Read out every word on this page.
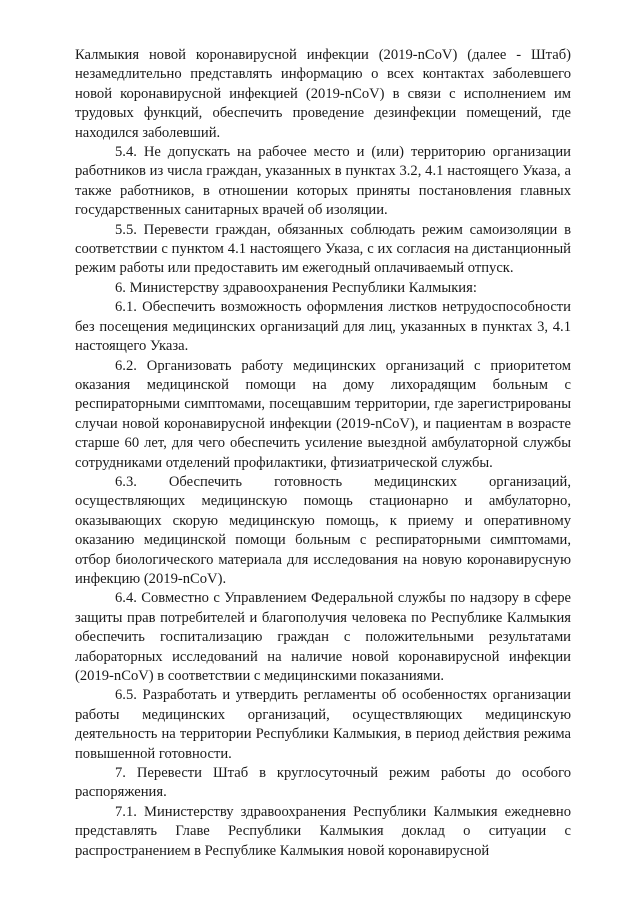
Калмыкия новой коронавирусной инфекции (2019-nCoV) (далее - Штаб) незамедлительно представлять информацию о всех контактах заболевшего новой коронавирусной инфекцией (2019-nCoV) в связи с исполнением им трудовых функций, обеспечить проведение дезинфекции помещений, где находился заболевший.

5.4. Не допускать на рабочее место и (или) территорию организации работников из числа граждан, указанных в пунктах 3.2, 4.1 настоящего Указа, а также работников, в отношении которых приняты постановления главных государственных санитарных врачей об изоляции.

5.5. Перевести граждан, обязанных соблюдать режим самоизоляции в соответствии с пунктом 4.1 настоящего Указа, с их согласия на дистанционный режим работы или предоставить им ежегодный оплачиваемый отпуск.

6. Министерству здравоохранения Республики Калмыкия:

6.1. Обеспечить возможность оформления листков нетрудоспособности без посещения медицинских организаций для лиц, указанных в пунктах 3, 4.1 настоящего Указа.

6.2. Организовать работу медицинских организаций с приоритетом оказания медицинской помощи на дому лихорадящим больным с респираторными симптомами, посещавшим территории, где зарегистрированы случаи новой коронавирусной инфекции (2019-nCoV), и пациентам в возрасте старше 60 лет, для чего обеспечить усиление выездной амбулаторной службы сотрудниками отделений профилактики, фтизиатрической службы.

6.3. Обеспечить готовность медицинских организаций, осуществляющих медицинскую помощь стационарно и амбулаторно, оказывающих скорую медицинскую помощь, к приему и оперативному оказанию медицинской помощи больным с респираторными симптомами, отбор биологического материала для исследования на новую коронавирусную инфекцию (2019-nCoV).

6.4. Совместно с Управлением Федеральной службы по надзору в сфере защиты прав потребителей и благополучия человека по Республике Калмыкия обеспечить госпитализацию граждан с положительными результатами лабораторных исследований на наличие новой коронавирусной инфекции (2019-nCoV) в соответствии с медицинскими показаниями.

6.5. Разработать и утвердить регламенты об особенностях организации работы медицинских организаций, осуществляющих медицинскую деятельность на территории Республики Калмыкия, в период действия режима повышенной готовности.

7. Перевести Штаб в круглосуточный режим работы до особого распоряжения.

7.1. Министерству здравоохранения Республики Калмыкия ежедневно представлять Главе Республики Калмыкия доклад о ситуации с распространением в Республике Калмыкия новой коронавирусной
